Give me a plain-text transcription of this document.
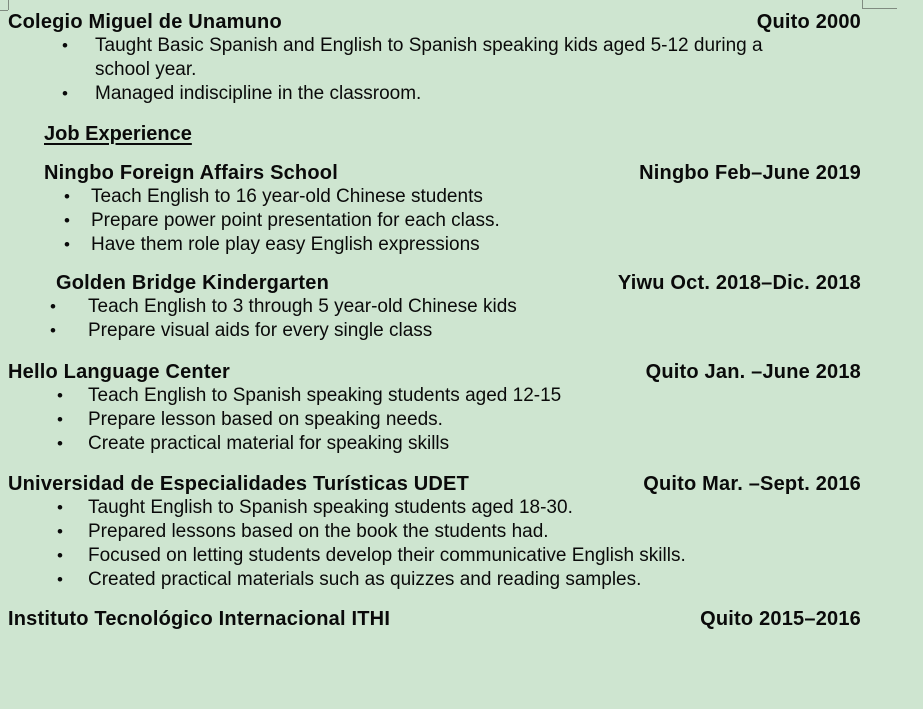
Colegio Miguel de Unamuno	Quito 2000
• Taught Basic Spanish and English to Spanish speaking kids aged 5-12 during a school year.
• Managed indiscipline in the classroom.
Job Experience
Ningbo Foreign Affairs School	Ningbo Feb–June 2019
• Teach English to 16 year-old Chinese students
• Prepare power point presentation for each class.
• Have them role play easy English expressions
Golden Bridge Kindergarten	Yiwu Oct. 2018–Dic. 2018
• Teach English to 3 through 5 year-old Chinese kids
• Prepare visual aids for every single class
Hello Language Center	Quito Jan. –June 2018
• Teach English to Spanish speaking students aged 12-15
• Prepare lesson based on speaking needs.
• Create practical material for speaking skills
Universidad de Especialidades Turísticas UDET	Quito Mar. –Sept. 2016
• Taught English to Spanish speaking students aged 18-30.
• Prepared lessons based on the book the students had.
• Focused on letting students develop their communicative English skills.
• Created practical materials such as quizzes and reading samples.
Instituto Tecnológico Internacional ITHI	Quito 2015–2016
